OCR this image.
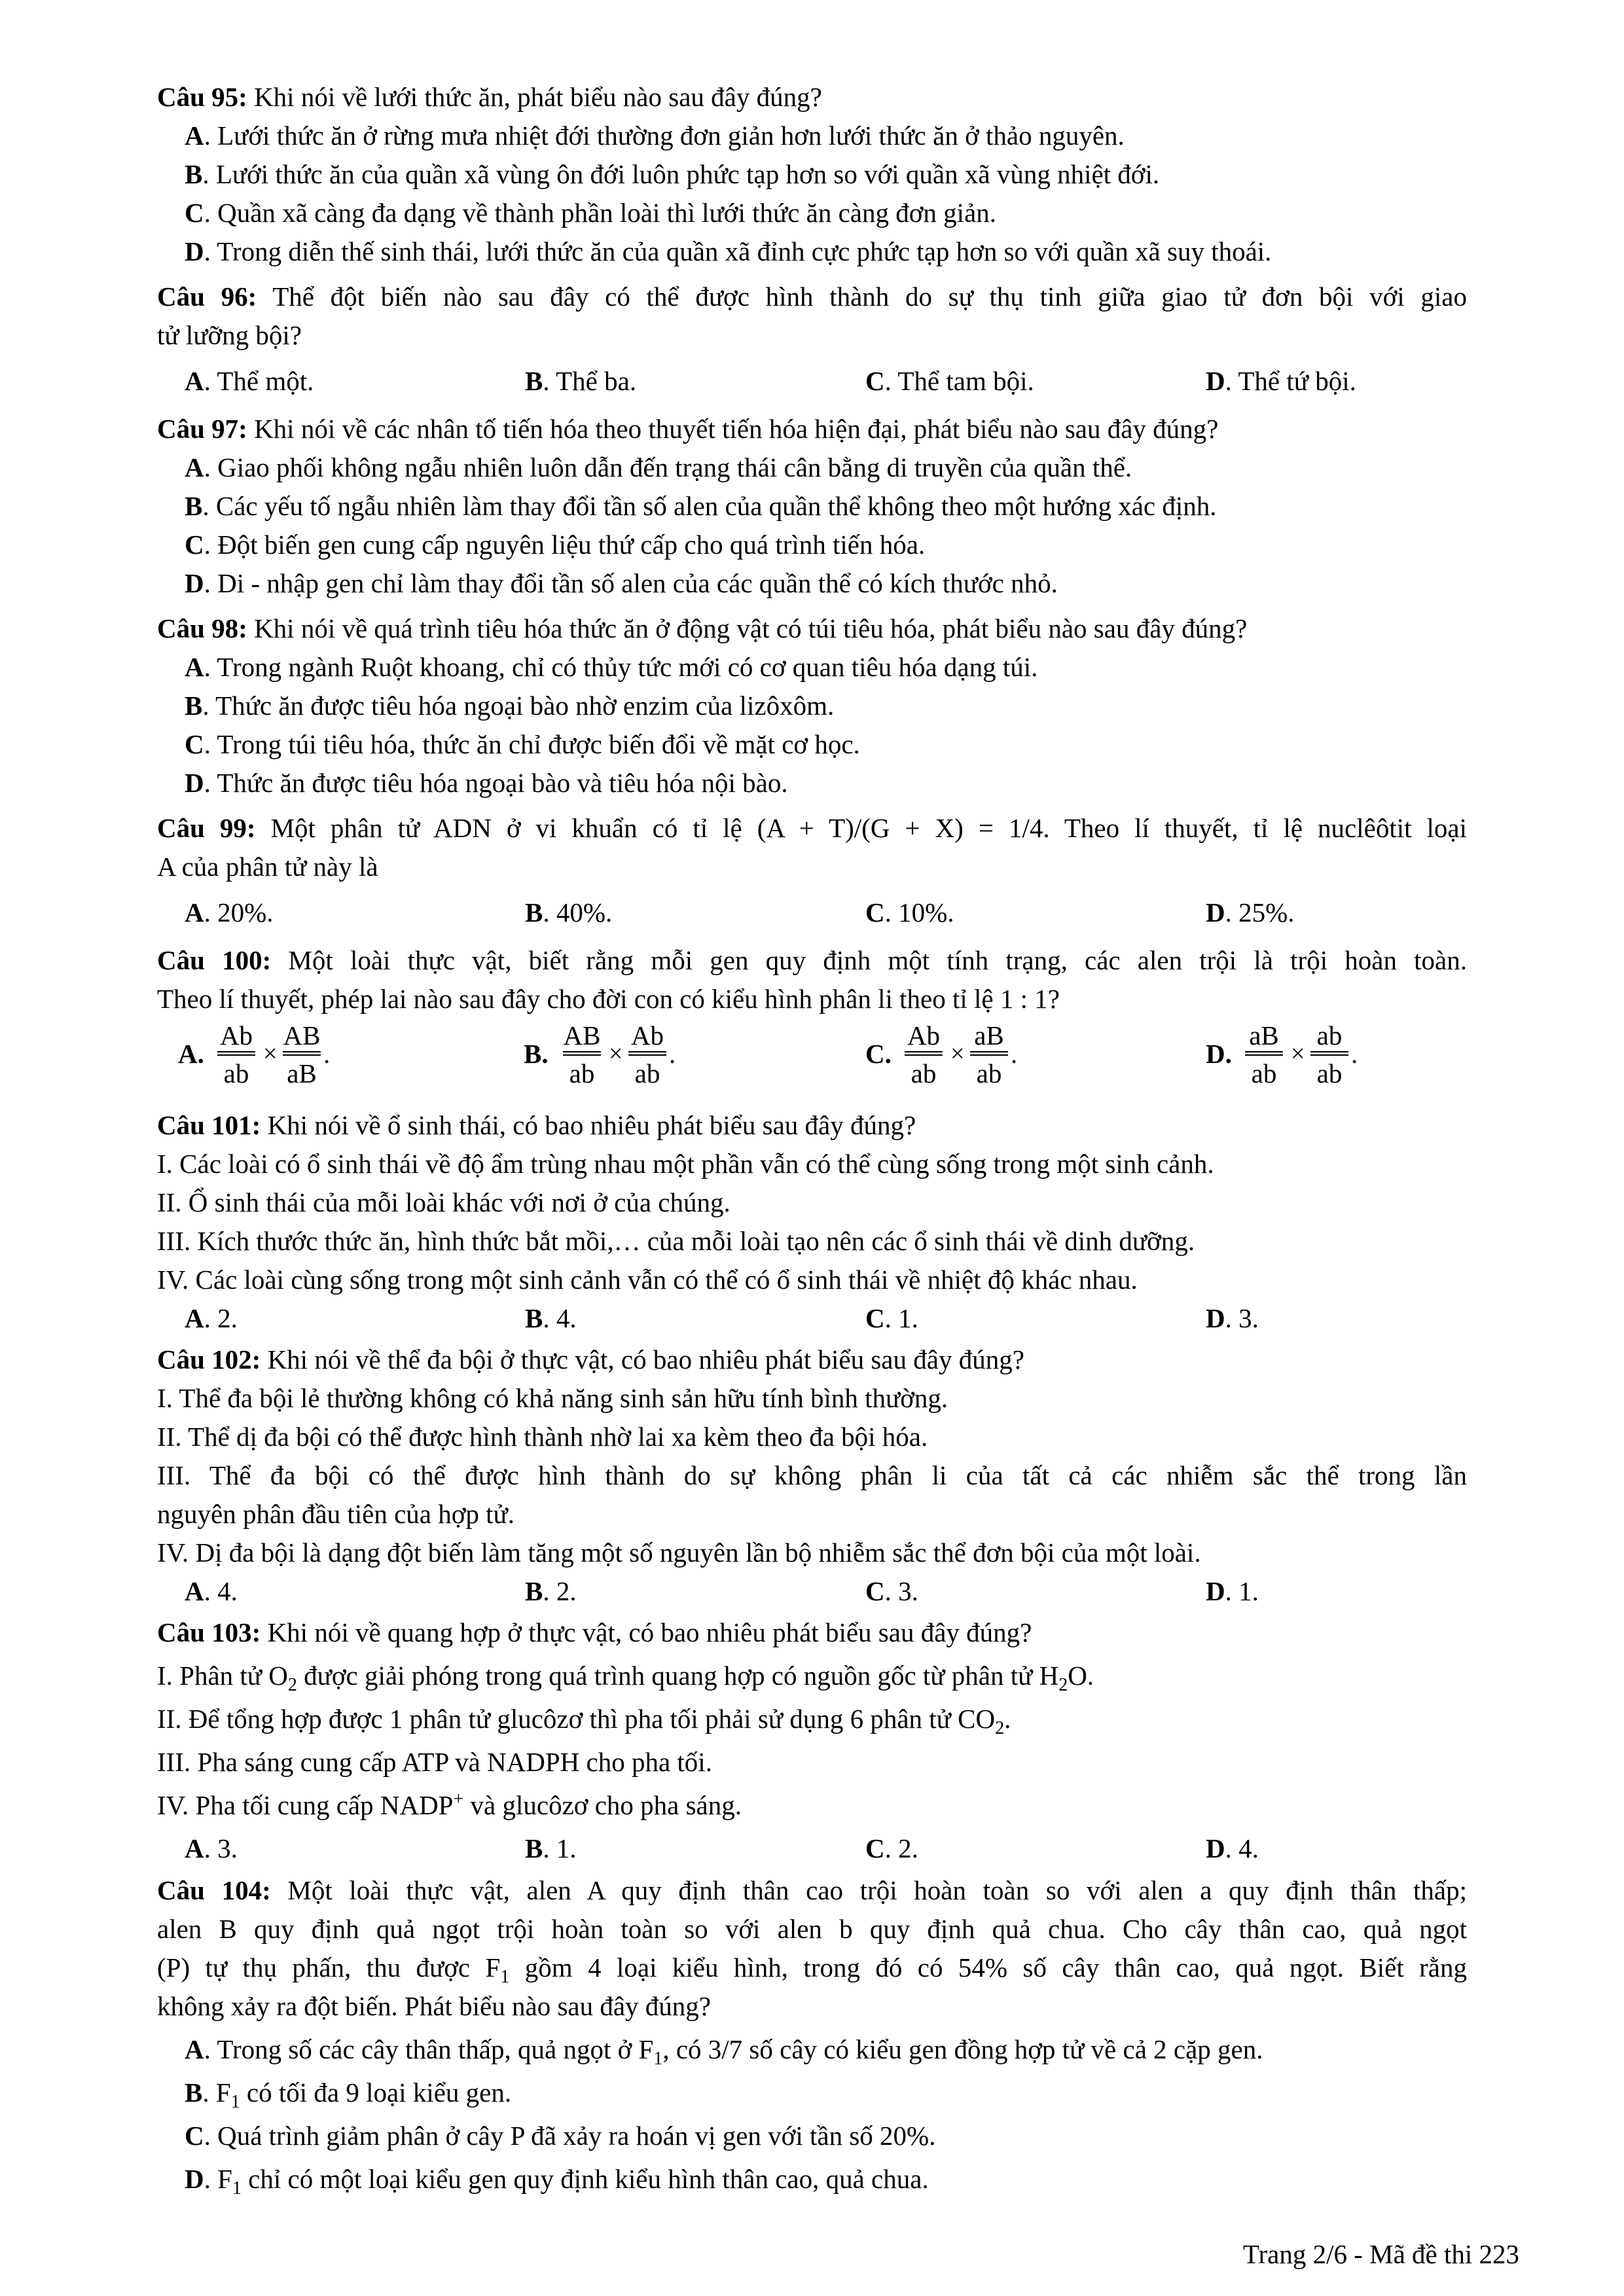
Câu 95: Khi nói về lưới thức ăn, phát biểu nào sau đây đúng?
A. Lưới thức ăn ở rừng mưa nhiệt đới thường đơn giản hơn lưới thức ăn ở thảo nguyên.
B. Lưới thức ăn của quần xã vùng ôn đới luôn phức tạp hơn so với quần xã vùng nhiệt đới.
C. Quần xã càng đa dạng về thành phần loài thì lưới thức ăn càng đơn giản.
D. Trong diễn thế sinh thái, lưới thức ăn của quần xã đỉnh cực phức tạp hơn so với quần xã suy thoái.
Câu 96: Thể đột biến nào sau đây có thể được hình thành do sự thụ tinh giữa giao tử đơn bội với giao
tử lưỡng bội?
A. Thể một.	B. Thể ba.	C. Thể tam bội.	D. Thể tứ bội.
Câu 97: Khi nói về các nhân tố tiến hóa theo thuyết tiến hóa hiện đại, phát biểu nào sau đây đúng?
A. Giao phối không ngẫu nhiên luôn dẫn đến trạng thái cân bằng di truyền của quần thể.
B. Các yếu tố ngẫu nhiên làm thay đổi tần số alen của quần thể không theo một hướng xác định.
C. Đột biến gen cung cấp nguyên liệu thứ cấp cho quá trình tiến hóa.
D. Di - nhập gen chỉ làm thay đổi tần số alen của các quần thể có kích thước nhỏ.
Câu 98: Khi nói về quá trình tiêu hóa thức ăn ở động vật có túi tiêu hóa, phát biểu nào sau đây đúng?
A. Trong ngành Ruột khoang, chỉ có thủy tức mới có cơ quan tiêu hóa dạng túi.
B. Thức ăn được tiêu hóa ngoại bào nhờ enzim của lizôxôm.
C. Trong túi tiêu hóa, thức ăn chỉ được biến đổi về mặt cơ học.
D. Thức ăn được tiêu hóa ngoại bào và tiêu hóa nội bào.
Câu 99: Một phân tử ADN ở vi khuẩn có tỉ lệ (A + T)/(G + X) = 1/4. Theo lí thuyết, tỉ lệ nuclêôtit loại
A của phân tử này là
A. 20%.	B. 40%.	C. 10%.	D. 25%.
Câu 100: Một loài thực vật, biết rằng mỗi gen quy định một tính trạng, các alen trội là trội hoàn toàn.
Theo lí thuyết, phép lai nào sau đây cho đời con có kiểu hình phân li theo tỉ lệ 1 : 1?
A.
Ab
ab
×
AB
aB
.	B.
AB
ab
×
Ab
ab
.	C.
Ab
ab
×
aB
ab
.	D.
aB
ab
×
ab
ab
.
Câu 101: Khi nói về ổ sinh thái, có bao nhiêu phát biểu sau đây đúng?
I. Các loài có ổ sinh thái về độ ẩm trùng nhau một phần vẫn có thể cùng sống trong một sinh cảnh.
II. Ổ sinh thái của mỗi loài khác với nơi ở của chúng.
III. Kích thước thức ăn, hình thức bắt mồi,… của mỗi loài tạo nên các ổ sinh thái về dinh dưỡng.
IV. Các loài cùng sống trong một sinh cảnh vẫn có thể có ổ sinh thái về nhiệt độ khác nhau.
A. 2.	B. 4.	C. 1.	D. 3.
Câu 102: Khi nói về thể đa bội ở thực vật, có bao nhiêu phát biểu sau đây đúng?
I. Thể đa bội lẻ thường không có khả năng sinh sản hữu tính bình thường.
II. Thể dị đa bội có thể được hình thành nhờ lai xa kèm theo đa bội hóa.
III. Thể đa bội có thể được hình thành do sự không phân li của tất cả các nhiễm sắc thể trong lần
nguyên phân đầu tiên của hợp tử.
IV. Dị đa bội là dạng đột biến làm tăng một số nguyên lần bộ nhiễm sắc thể đơn bội của một loài.
A. 4.	B. 2.	C. 3.	D. 1.
Câu 103: Khi nói về quang hợp ở thực vật, có bao nhiêu phát biểu sau đây đúng?
I. Phân tử $O_2$ được giải phóng trong quá trình quang hợp có nguồn gốc từ phân tử $H_2O$.
II. Để tổng hợp được 1 phân tử glucôzơ thì pha tối phải sử dụng 6 phân tử $CO_2$.
III. Pha sáng cung cấp ATP và NADPH cho pha tối.
IV. Pha tối cung cấp NADP+ và glucôzơ cho pha sáng.
A. 3.	B. 1.	C. 2.	D. 4.
Câu 104: Một loài thực vật, alen A quy định thân cao trội hoàn toàn so với alen a quy định thân thấp;
alen B quy định quả ngọt trội hoàn toàn so với alen b quy định quả chua. Cho cây thân cao, quả ngọt
(P) tự thụ phấn, thu được $F_1$ gồm 4 loại kiểu hình, trong đó có 54% số cây thân cao, quả ngọt. Biết rằng
không xảy ra đột biến. Phát biểu nào sau đây đúng?
A. Trong số các cây thân thấp, quả ngọt ở $F_1$, có 3/7 số cây có kiểu gen đồng hợp tử về cả 2 cặp gen.
B. $F_1$ có tối đa 9 loại kiểu gen.
C. Quá trình giảm phân ở cây P đã xảy ra hoán vị gen với tần số 20%.
D. $F_1$ chỉ có một loại kiểu gen quy định kiểu hình thân cao, quả chua.
Trang 2/6 - Mã đề thi 223
